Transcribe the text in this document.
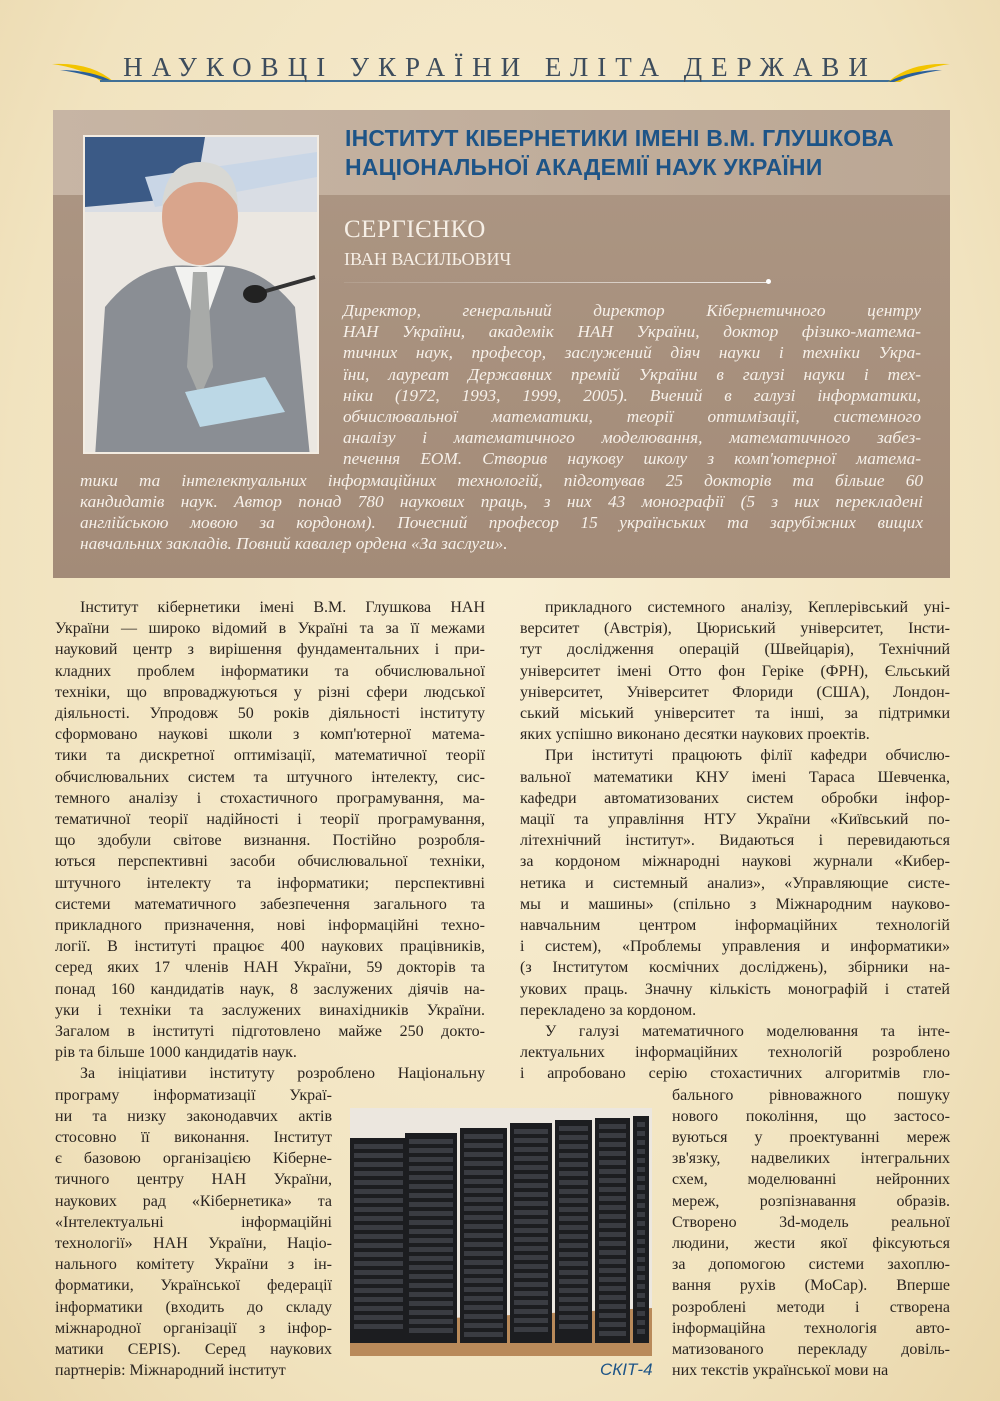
НАУКОВЦІ УКРАЇНИ ЕЛІТА ДЕРЖАВИ
ІНСТИТУТ КІБЕРНЕТИКИ ІМЕНІ В.М. ГЛУШКОВА
НАЦІОНАЛЬНОЇ АКАДЕМІЇ НАУК УКРАЇНИ
СЕРГІЄНКО
ІВАН ВАСИЛЬОВИЧ
Директор, генеральний директор Кібернетичного центру
НАН України, академік НАН України, доктор фізико-матема-
тичних наук, професор, заслужений діяч науки і техніки Укра-
їни, лауреат Державних премій України в галузі науки і тех-
ніки (1972, 1993, 1999, 2005). Вчений в галузі інформатики,
обчислювальної математики, теорії оптимізації, системного
аналізу і математичного моделювання, математичного забез-
печення ЕОМ. Створив наукову школу з комп'ютерної матема-
тики та інтелектуальних інформаційних технологій, підготував 25 докторів та більше 60
кандидатів наук. Автор понад 780 наукових праць, з них 43 монографії (5 з них перекладені
англійською мовою за кордоном). Почесний професор 15 українських та зарубіжних вищих
навчальних закладів. Повний кавалер ордена «За заслуги».
Інститут кібернетики імені В.М. Глушкова НАН
України — широко відомий в Україні та за її межами
науковий центр з вирішення фундаментальних і при-
кладних проблем інформатики та обчислювальної
техніки, що впроваджуються у різні сфери людської
діяльності. Упродовж 50 років діяльності інституту
сформовано наукові школи з комп'ютерної матема-
тики та дискретної оптимізації, математичної теорії
обчислювальних систем та штучного інтелекту, сис-
темного аналізу і стохастичного програмування, ма-
тематичної теорії надійності і теорії програмування,
що здобули світове визнання. Постійно розробля-
ються перспективні засоби обчислювальної техніки,
штучного інтелекту та інформатики; перспективні
системи математичного забезпечення загального та
прикладного призначення, нові інформаційні техно-
логії. В інституті працює 400 наукових працівників,
серед яких 17 членів НАН України, 59 докторів та
понад 160 кандидатів наук, 8 заслужених діячів на-
уки і техніки та заслужених винахідників України.
Загалом в інституті підготовлено майже 250 докто-
рів та більше 1000 кандидатів наук.
За ініціативи інституту розроблено Національну
програму інформатизації Украї-
ни та низку законодавчих актів
стосовно її виконання. Інститут
є базовою організацією Кіберне-
тичного центру НАН України,
наукових рад «Кібернетика» та
«Інтелектуальні інформаційні
технології» НАН України, Націо-
нального комітету України з ін-
форматики, Української федерації
інформатики (входить до складу
міжнародної організації з інфор-
матики CEPIS). Серед наукових
партнерів: Міжнародний інститут
прикладного системного аналізу, Кеплерівський уні-
верситет (Австрія), Цюриський університет, Інсти-
тут дослідження операцій (Швейцарія), Технічний
університет імені Отто фон Геріке (ФРН), Єльський
університет, Університет Флориди (США), Лондон-
ський міський університет та інші, за підтримки
яких успішно виконано десятки наукових проектів.
При інституті працюють філії кафедри обчислю-
вальної математики КНУ імені Тараса Шевченка,
кафедри автоматизованих систем обробки інфор-
мації та управління НТУ України «Київський по-
літехнічний інститут». Видаються і перевидаються
за кордоном міжнародні наукові журнали «Кибер-
нетика и системный анализ», «Управляющие систе-
мы и машины» (спільно з Міжнародним науково-
навчальним центром інформаційних технологій
і систем), «Проблемы управления и информатики»
(з Інститутом космічних досліджень), збірники на-
укових праць. Значну кількість монографій і статей
перекладено за кордоном.
У галузі математичного моделювання та інте-
лектуальних інформаційних технологій розроблено
і апробовано серію стохастичних алгоритмів гло-
бального рівноважного пошуку
нового покоління, що застосо-
вуються у проектуванні мереж
зв'язку, надвеликих інтегральних
схем, моделюванні нейронних
мереж, розпізнавання образів.
Створено 3d-модель реальної
людини, жести якої фіксуються
за допомогою системи захоплю-
вання рухів (MoCap). Вперше
розроблені методи і створена
інформаційна технологія авто-
матизованого перекладу довіль-
них текстів української мови на
СКІТ-4
